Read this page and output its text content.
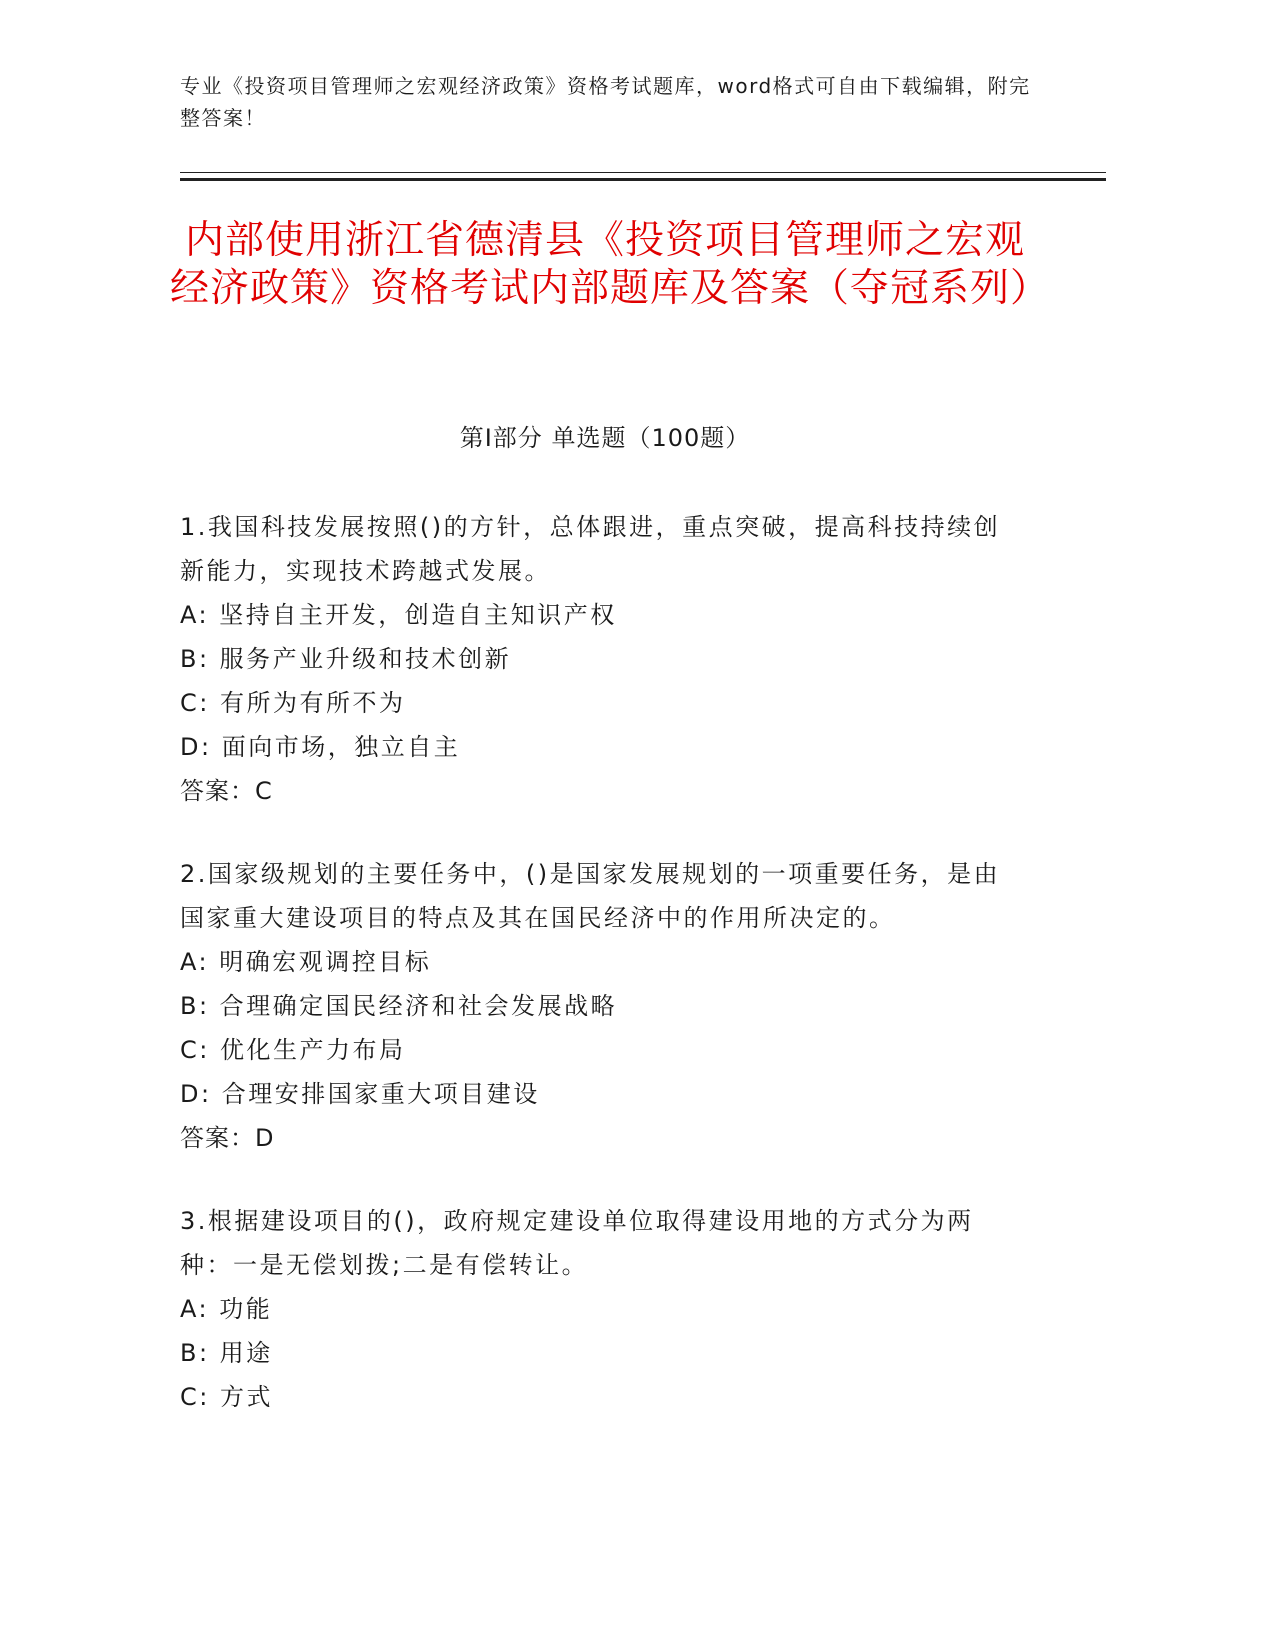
专业《投资项目管理师之宏观经济政策》资格考试题库，word格式可自由下载编辑，附完整答案！
内部使用浙江省德清县《投资项目管理师之宏观经济政策》资格考试内部题库及答案（夺冠系列）
第Ⅰ部分 单选题（100题）
1.我国科技发展按照()的方针，总体跟进，重点突破，提高科技持续创新能力，实现技术跨越式发展。
A: 坚持自主开发，创造自主知识产权
B: 服务产业升级和技术创新
C: 有所为有所不为
D: 面向市场，独立自主
答案：C
2.国家级规划的主要任务中，()是国家发展规划的一项重要任务，是由国家重大建设项目的特点及其在国民经济中的作用所决定的。
A: 明确宏观调控目标
B: 合理确定国民经济和社会发展战略
C: 优化生产力布局
D: 合理安排国家重大项目建设
答案：D
3.根据建设项目的()，政府规定建设单位取得建设用地的方式分为两种：一是无偿划拨;二是有偿转让。
A: 功能
B: 用途
C: 方式
